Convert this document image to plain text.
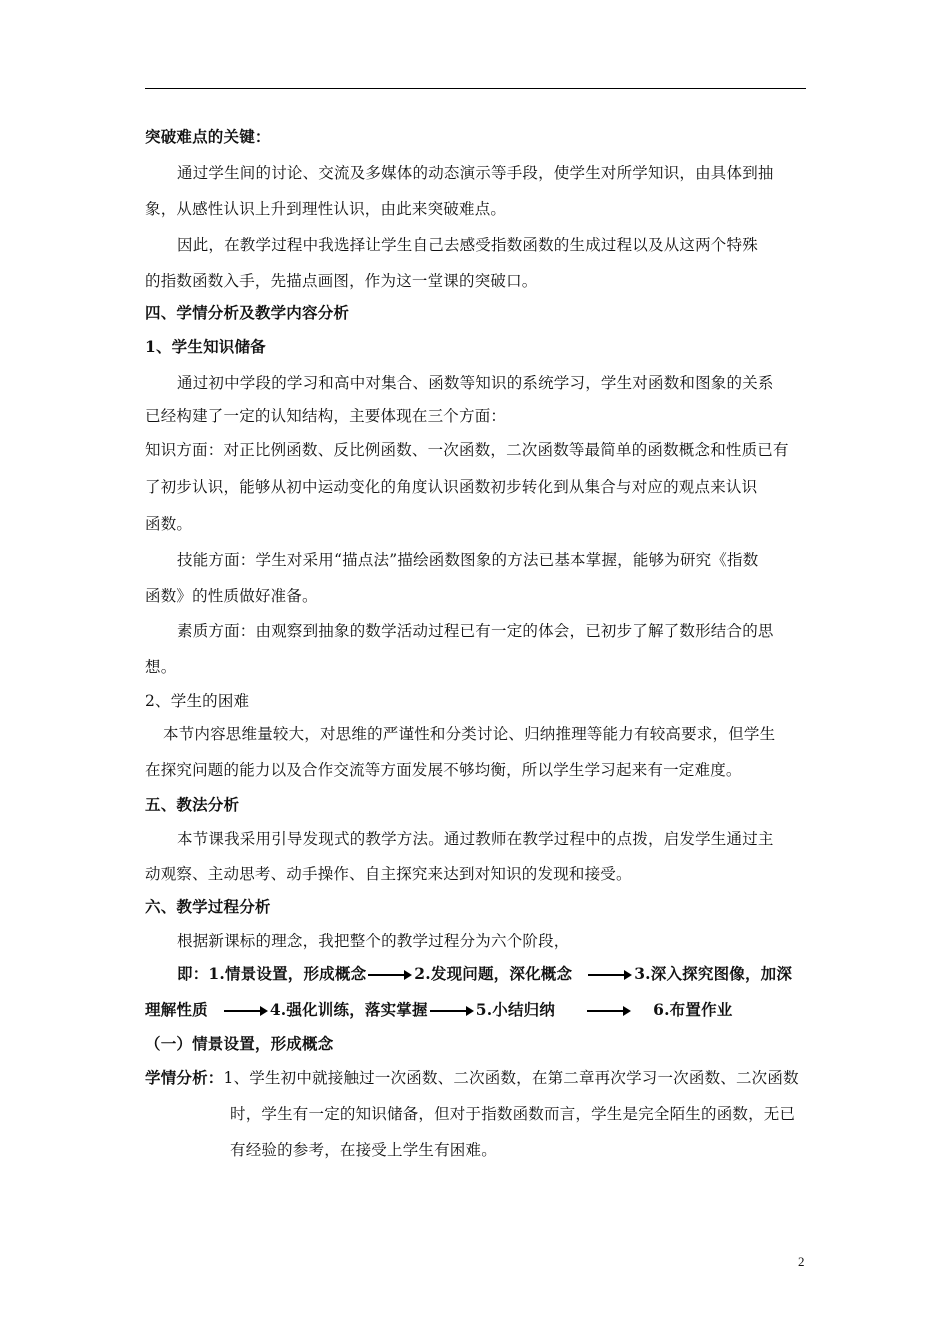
突破难点的关键：
通过学生间的讨论、交流及多媒体的动态演示等手段，使学生对所学知识，由具体到抽
象，从感性认识上升到理性认识，由此来突破难点。
因此，在教学过程中我选择让学生自己去感受指数函数的生成过程以及从这两个特殊
的指数函数入手，先描点画图，作为这一堂课的突破口。
四、学情分析及教学内容分析
1、学生知识储备
通过初中学段的学习和高中对集合、函数等知识的系统学习，学生对函数和图象的关系
已经构建了一定的认知结构，主要体现在三个方面：
知识方面：对正比例函数、反比例函数、一次函数，二次函数等最简单的函数概念和性质已有
了初步认识，能够从初中运动变化的角度认识函数初步转化到从集合与对应的观点来认识
函数。
技能方面：学生对采用“描点法”描绘函数图象的方法已基本掌握，能够为研究《指数
函数》的性质做好准备。
素质方面：由观察到抽象的数学活动过程已有一定的体会，已初步了解了数形结合的思
想。
2、学生的困难
本节内容思维量较大，对思维的严谨性和分类讨论、归纳推理等能力有较高要求，但学生
在探究问题的能力以及合作交流等方面发展不够均衡，所以学生学习起来有一定难度。
五、教法分析
本节课我采用引导发现式的教学方法。通过教师在教学过程中的点拨，启发学生通过主
动观察、主动思考、动手操作、自主探究来达到对知识的发现和接受。
六、教学过程分析
根据新课标的理念，我把整个的教学过程分为六个阶段，
即：1.情景设置，形成概念	2.发现问题，深化概念	3.深入探究图像，加深
理解性质	4.强化训练，落实掌握	5.小结归纳	6.布置作业
（一）情景设置，形成概念
学情分析：1、学生初中就接触过一次函数、二次函数，在第二章再次学习一次函数、二次函数
时，学生有一定的知识储备，但对于指数函数而言，学生是完全陌生的函数，无已
有经验的参考，在接受上学生有困难。
2
